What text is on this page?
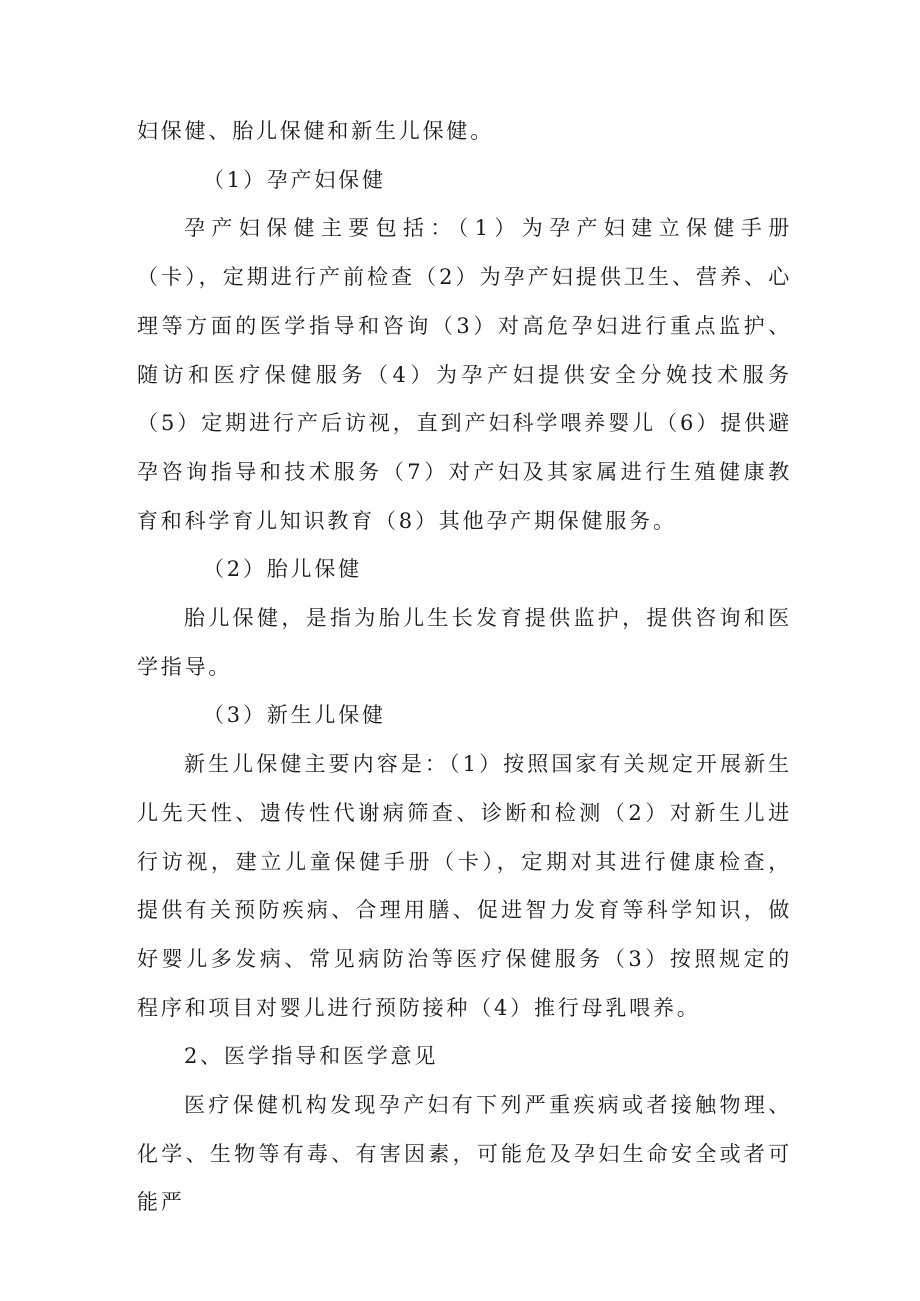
妇保健、胎儿保健和新生儿保健。

（1）孕产妇保健

孕产妇保健主要包括：（1）为孕产妇建立保健手册（卡），定期进行产前检查（2）为孕产妇提供卫生、营养、心理等方面的医学指导和咨询（3）对高危孕妇进行重点监护、随访和医疗保健服务（4）为孕产妇提供安全分娩技术服务（5）定期进行产后访视，直到产妇科学喂养婴儿（6）提供避孕咨询指导和技术服务（7）对产妇及其家属进行生殖健康教育和科学育儿知识教育（8）其他孕产期保健服务。

（2）胎儿保健

胎儿保健，是指为胎儿生长发育提供监护，提供咨询和医学指导。

（3）新生儿保健

新生儿保健主要内容是：（1）按照国家有关规定开展新生儿先天性、遗传性代谢病筛查、诊断和检测（2）对新生儿进行访视，建立儿童保健手册（卡），定期对其进行健康检查，提供有关预防疾病、合理用膳、促进智力发育等科学知识，做好婴儿多发病、常见病防治等医疗保健服务（3）按照规定的程序和项目对婴儿进行预防接种（4）推行母乳喂养。

2、医学指导和医学意见

医疗保健机构发现孕产妇有下列严重疾病或者接触物理、化学、生物等有毒、有害因素，可能危及孕妇生命安全或者可能严
